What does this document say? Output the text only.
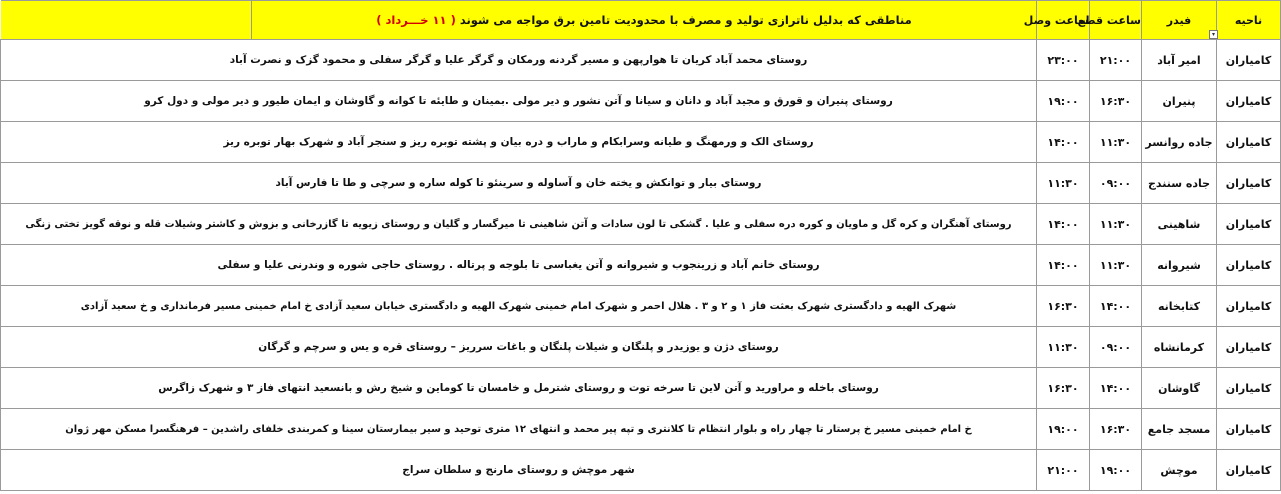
ناحیه	فیدر	ساعت قطع	ساعت وصل	مناطقی که بدلیل ناترازی تولید و مصرف با محدودیت تامین برق مواجه می شوند ( ۱۱ خـــرداد )	
کامیاران	امیر آباد	۲۱:۰۰	۲۳:۰۰	روستای محمد آباد کریان تا هوارپهن و مسیر گردنه ورمکان و گرگر علیا و گرگر سفلی و محمود گزک و نصرت آباد	
کامیاران	پنیران	۱۶:۳۰	۱۹:۰۰	روستای پنیران و قورق و مجید آباد و دانان و سیانا و آتن نشور و دیر مولی .بمینان و طایئه تا کوانه و گاوشان و ایمان طیور و دیر مولی و دول کرو	
کامیاران	جاده روانسر	۱۱:۳۰	۱۴:۰۰	روستای الک و ورمهنگ و طیانه وسرابکام و ماراب و دره بیان و پشته توبره ریز و سنجر آباد و شهرک بهار توبره ریز	
کامیاران	جاده سنندج	۰۹:۰۰	۱۱:۳۰	روستای بیار و توانکش و یخته خان و آساوله و سرینئو تا کوله ساره و سرچی و طا تا فارس آباد	
کامیاران	شاهینی	۱۱:۳۰	۱۴:۰۰	روستای آهنگران و کره گل و ماویان و کوره دره سفلی و علیا . گشکی تا لون سادات و آتن شاهینی تا میرگسار و گلیان و روستای زیویه تا گازرخانی و بزوش و کاشتر وشیلات قله و نوقه گویز تختی زنگی	
کامیاران	شیروانه	۱۱:۳۰	۱۴:۰۰	روستای خانم آباد و زرینجوب و شیروانه و آتن یغباسی تا بلوجه و پرتاله . روستای حاجی شوره و وندرنی علیا و سفلی	
کامیاران	کتابخانه	۱۴:۰۰	۱۶:۳۰	شهرک الهیه و دادگستری شهرک بعثت فاز ۱ و ۲ و ۳ . هلال احمر و شهرک امام خمینی شهرک الهیه و دادگستری خیابان سعید آزادی خ امام خمینی مسیر فرمانداری و خ سعید آزادی	
کامیاران	کرمانشاه	۰۹:۰۰	۱۱:۳۰	روستای دژن و یوزیدر و پلنگان و شیلات پلنگان و باغات سرریز – روستای قره و یس و سرچم و گرگان	
کامیاران	گاوشان	۱۴:۰۰	۱۶:۳۰	روستای باخله و مراورید و آتن لاین تا سرخه توت و روستای شترمل و خامسان تا کوماین و شیخ رش و بانسعید انتهای فاز ۳ و شهرک زاگرس	
کامیاران	مسجد جامع	۱۶:۳۰	۱۹:۰۰	خ امام خمینی مسیر خ پرستار تا چهار راه و بلوار انتظام تا کلانتری و تپه پیر محمد و انتهای ۱۲ متری توحید و سیر بیمارستان سینا و کمربندی خلفای راشدین – فرهنگسرا مسکن مهر ژوان	
کامیاران	موچش	۱۹:۰۰	۲۱:۰۰	شهر موچش و روستای مارنج و سلطان سراج	
▾
